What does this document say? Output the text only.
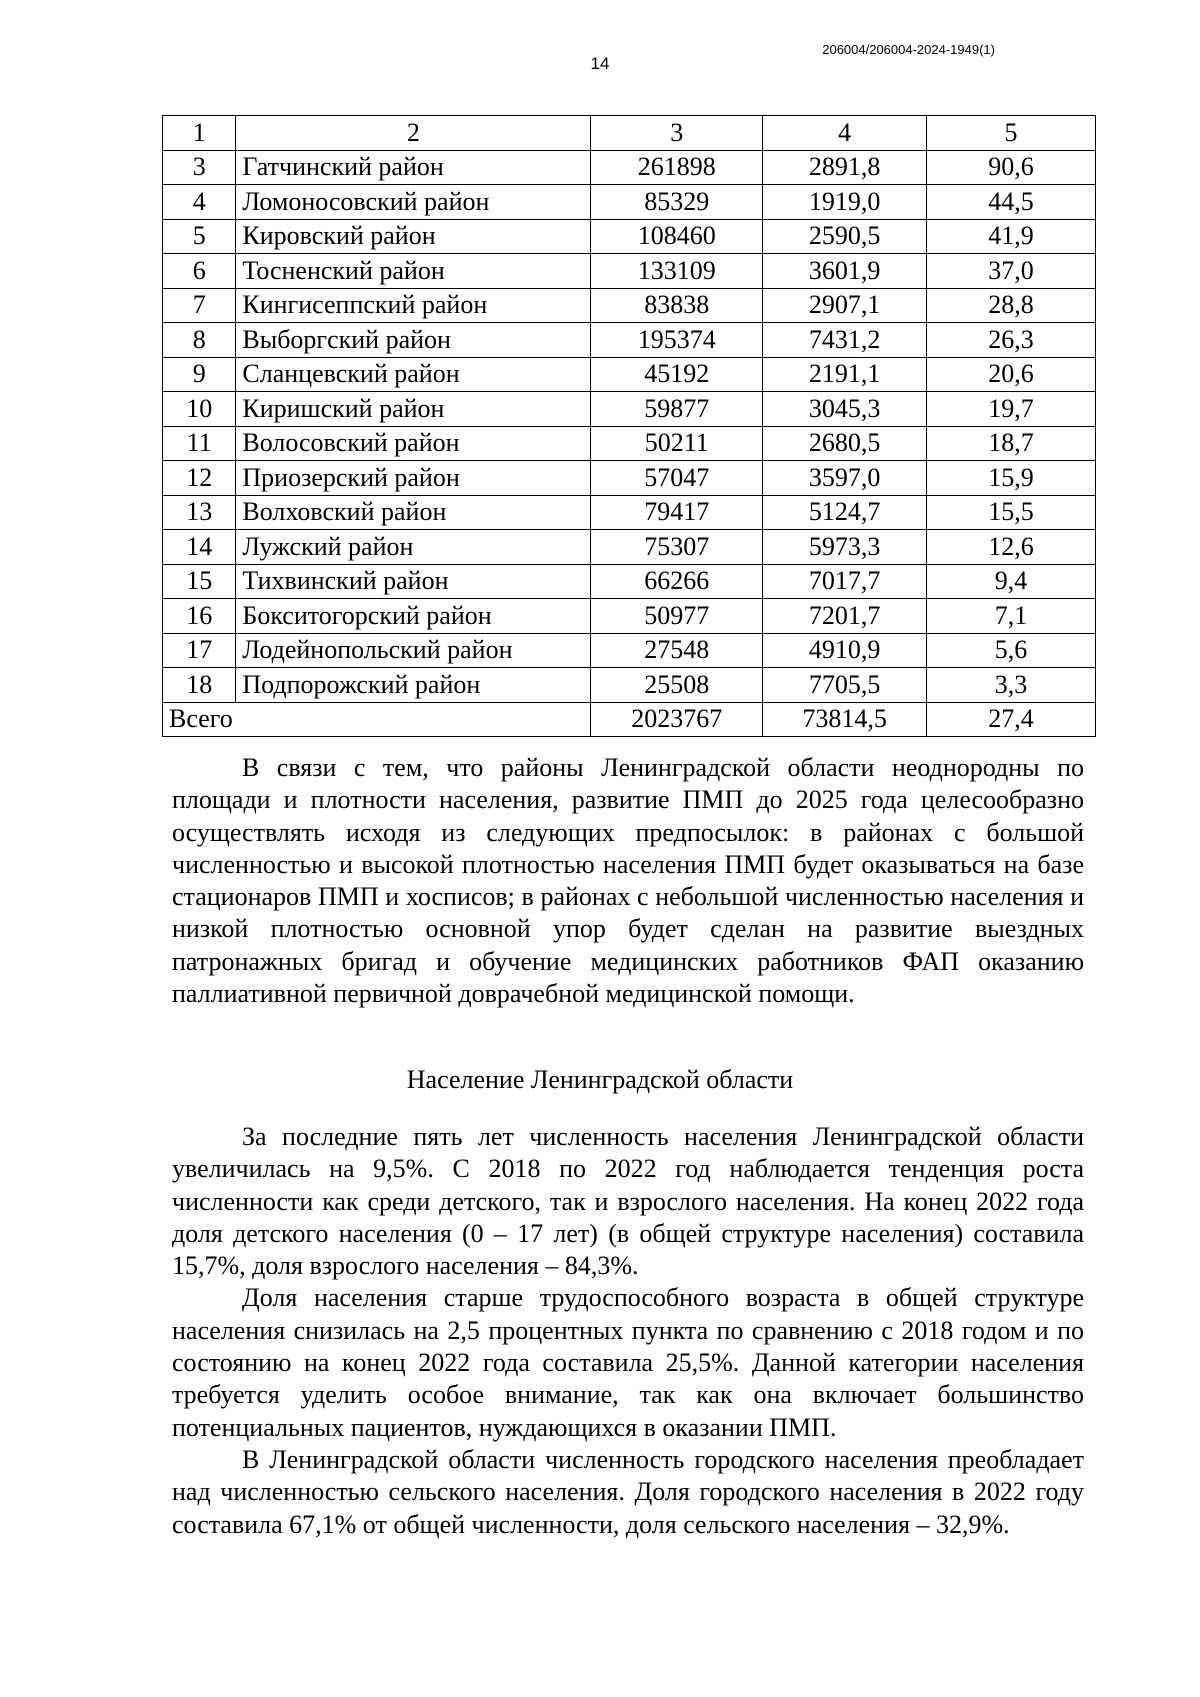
206004/206004-2024-1949(1)
14
1	2	3	4	5
3	Гатчинский район	261898	2891,8	90,6
4	Ломоносовский район	85329	1919,0	44,5
5	Кировский район	108460	2590,5	41,9
6	Тосненский район	133109	3601,9	37,0
7	Кингисеппский район	83838	2907,1	28,8
8	Выборгский район	195374	7431,2	26,3
9	Сланцевский район	45192	2191,1	20,6
10	Киришский район	59877	3045,3	19,7
11	Волосовский район	50211	2680,5	18,7
12	Приозерский район	57047	3597,0	15,9
13	Волховский район	79417	5124,7	15,5
14	Лужский район	75307	5973,3	12,6
15	Тихвинский район	66266	7017,7	9,4
16	Бокситогорский район	50977	7201,7	7,1
17	Лодейнопольский район	27548	4910,9	5,6
18	Подпорожский район	25508	7705,5	3,3
Всего		2023767	73814,5	27,4

В связи с тем, что районы Ленинградской области неоднородны по площади и плотности населения, развитие ПМП до 2025 года целесообразно осуществлять исходя из следующих предпосылок: в районах с большой численностью и высокой плотностью населения ПМП будет оказываться на базе стационаров ПМП и хосписов; в районах с небольшой численностью населения и низкой плотностью основной упор будет сделан на развитие выездных патронажных бригад и обучение медицинских работников ФАП оказанию паллиативной первичной доврачебной медицинской помощи.

Население Ленинградской области

За последние пять лет численность населения Ленинградской области увеличилась на 9,5%. С 2018 по 2022 год наблюдается тенденция роста численности как среди детского, так и взрослого населения. На конец 2022 года доля детского населения (0 – 17 лет) (в общей структуре населения) составила 15,7%, доля взрослого населения – 84,3%.

Доля населения старше трудоспособного возраста в общей структуре населения снизилась на 2,5 процентных пункта по сравнению с 2018 годом и по состоянию на конец 2022 года составила 25,5%. Данной категории населения требуется уделить особое внимание, так как она включает большинство потенциальных пациентов, нуждающихся в оказании ПМП.

В Ленинградской области численность городского населения преобладает над численностью сельского населения. Доля городского населения в 2022 году составила 67,1% от общей численности, доля сельского населения – 32,9%.
